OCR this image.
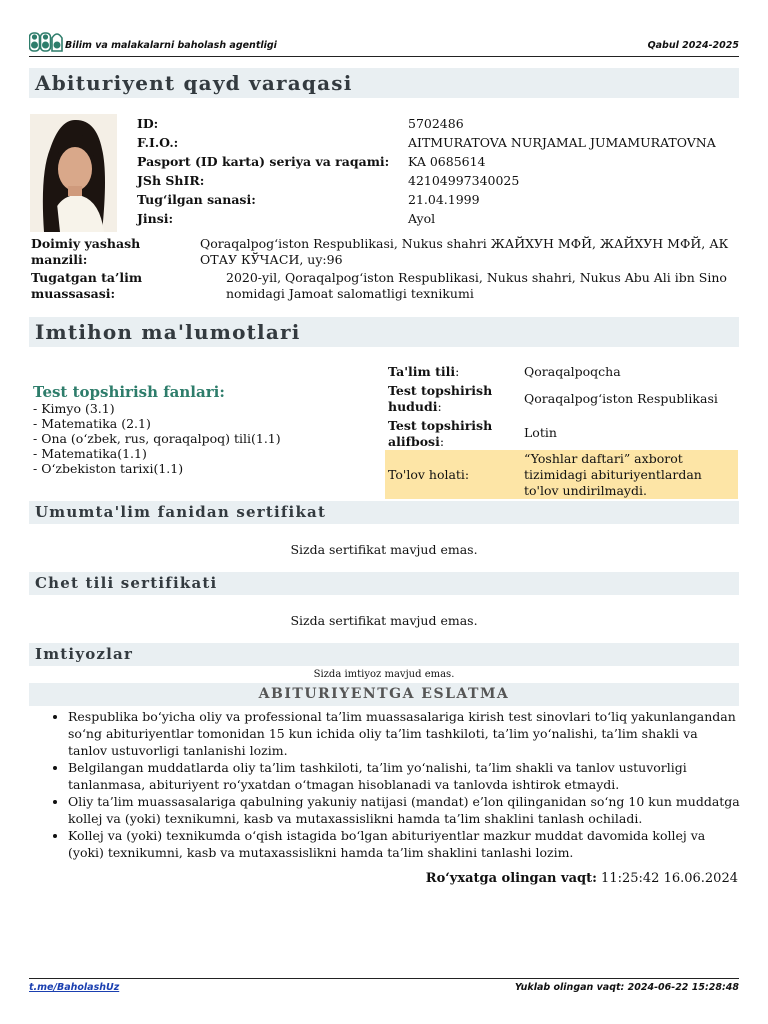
Bilim va malakalarni baholash agentligi	Qabul 2024-2025
Abituriyent qayd varaqasi
ID:	5702486
F.I.O.:	AITMURATOVA NURJAMAL JUMAMURATOVNA
Pasport (ID karta) seriya va raqami: KA 0685614
JSh ShIR:	42104997340025
Tug‘ilgan sanasi:	21.04.1999
Jinsi:	Ayol
Doimiy yashash manzili:
Qoraqalpog‘iston Respublikasi, Nukus shahri ЖАЙХУН МФЙ, ЖАЙХУН МФЙ, АК ОТАУ КЎЧАСИ, uy:96
Tugatgan ta’lim muassasasi:
2020-yil, Qoraqalpog‘iston Respublikasi, Nukus shahri, Nukus Abu Ali ibn Sino nomidagi Jamoat salomatligi texnikumi
Imtihon ma'lumotlari
Test topshirish fanlari:
- Kimyo (3.1)
- Matematika (2.1)
- Ona (o‘zbek, rus, qoraqalpoq) tili(1.1)
- Matematika(1.1)
- O‘zbekiston tarixi(1.1)
Ta'lim tili:	Qoraqalpoqcha
Test topshirish hududi:
Qoraqalpog‘iston Respublikasi
Test topshirish alifbosi:
Lotin
To'lov holati:
“Yoshlar daftari” axborot tizimidagi abituriyentlardan to'lov undirilmaydi.
Umumta'lim fanidan sertifikat
Sizda sertifikat mavjud emas.
Chet tili sertifikati
Sizda sertifikat mavjud emas.
Imtiyozlar
Sizda imtiyoz mavjud emas.
ABITURIYENTGA ESLATMA
• Respublika bo‘yicha oliy va professional ta’lim muassasalariga kirish test sinovlari to‘liq yakunlangandan so‘ng abituriyentlar tomonidan 15 kun ichida oliy ta’lim tashkiloti, ta’lim yo‘nalishi, ta’lim shakli va tanlov ustuvorligi tanlanishi lozim.
• Belgilangan muddatlarda oliy ta’lim tashkiloti, ta’lim yo‘nalishi, ta’lim shakli va tanlov ustuvorligi tanlanmasa, abituriyent ro‘yxatdan o‘tmagan hisoblanadi va tanlovda ishtirok etmaydi.
• Oliy ta’lim muassasalariga qabulning yakuniy natijasi (mandat) e’lon qilinganidan so‘ng 10 kun muddatga kollej va (yoki) texnikumni, kasb va mutaxassislikni hamda ta’lim shaklini tanlash ochiladi.
• Kollej va (yoki) texnikumda o‘qish istagida bo‘lgan abituriyentlar mazkur muddat davomida kollej va (yoki) texnikumni, kasb va mutaxassislikni hamda ta’lim shaklini tanlashi lozim.
Ro‘yxatga olingan vaqt: 11:25:42 16.06.2024
t.me/BaholashUz	Yuklab olingan vaqt: 2024-06-22 15:28:48
